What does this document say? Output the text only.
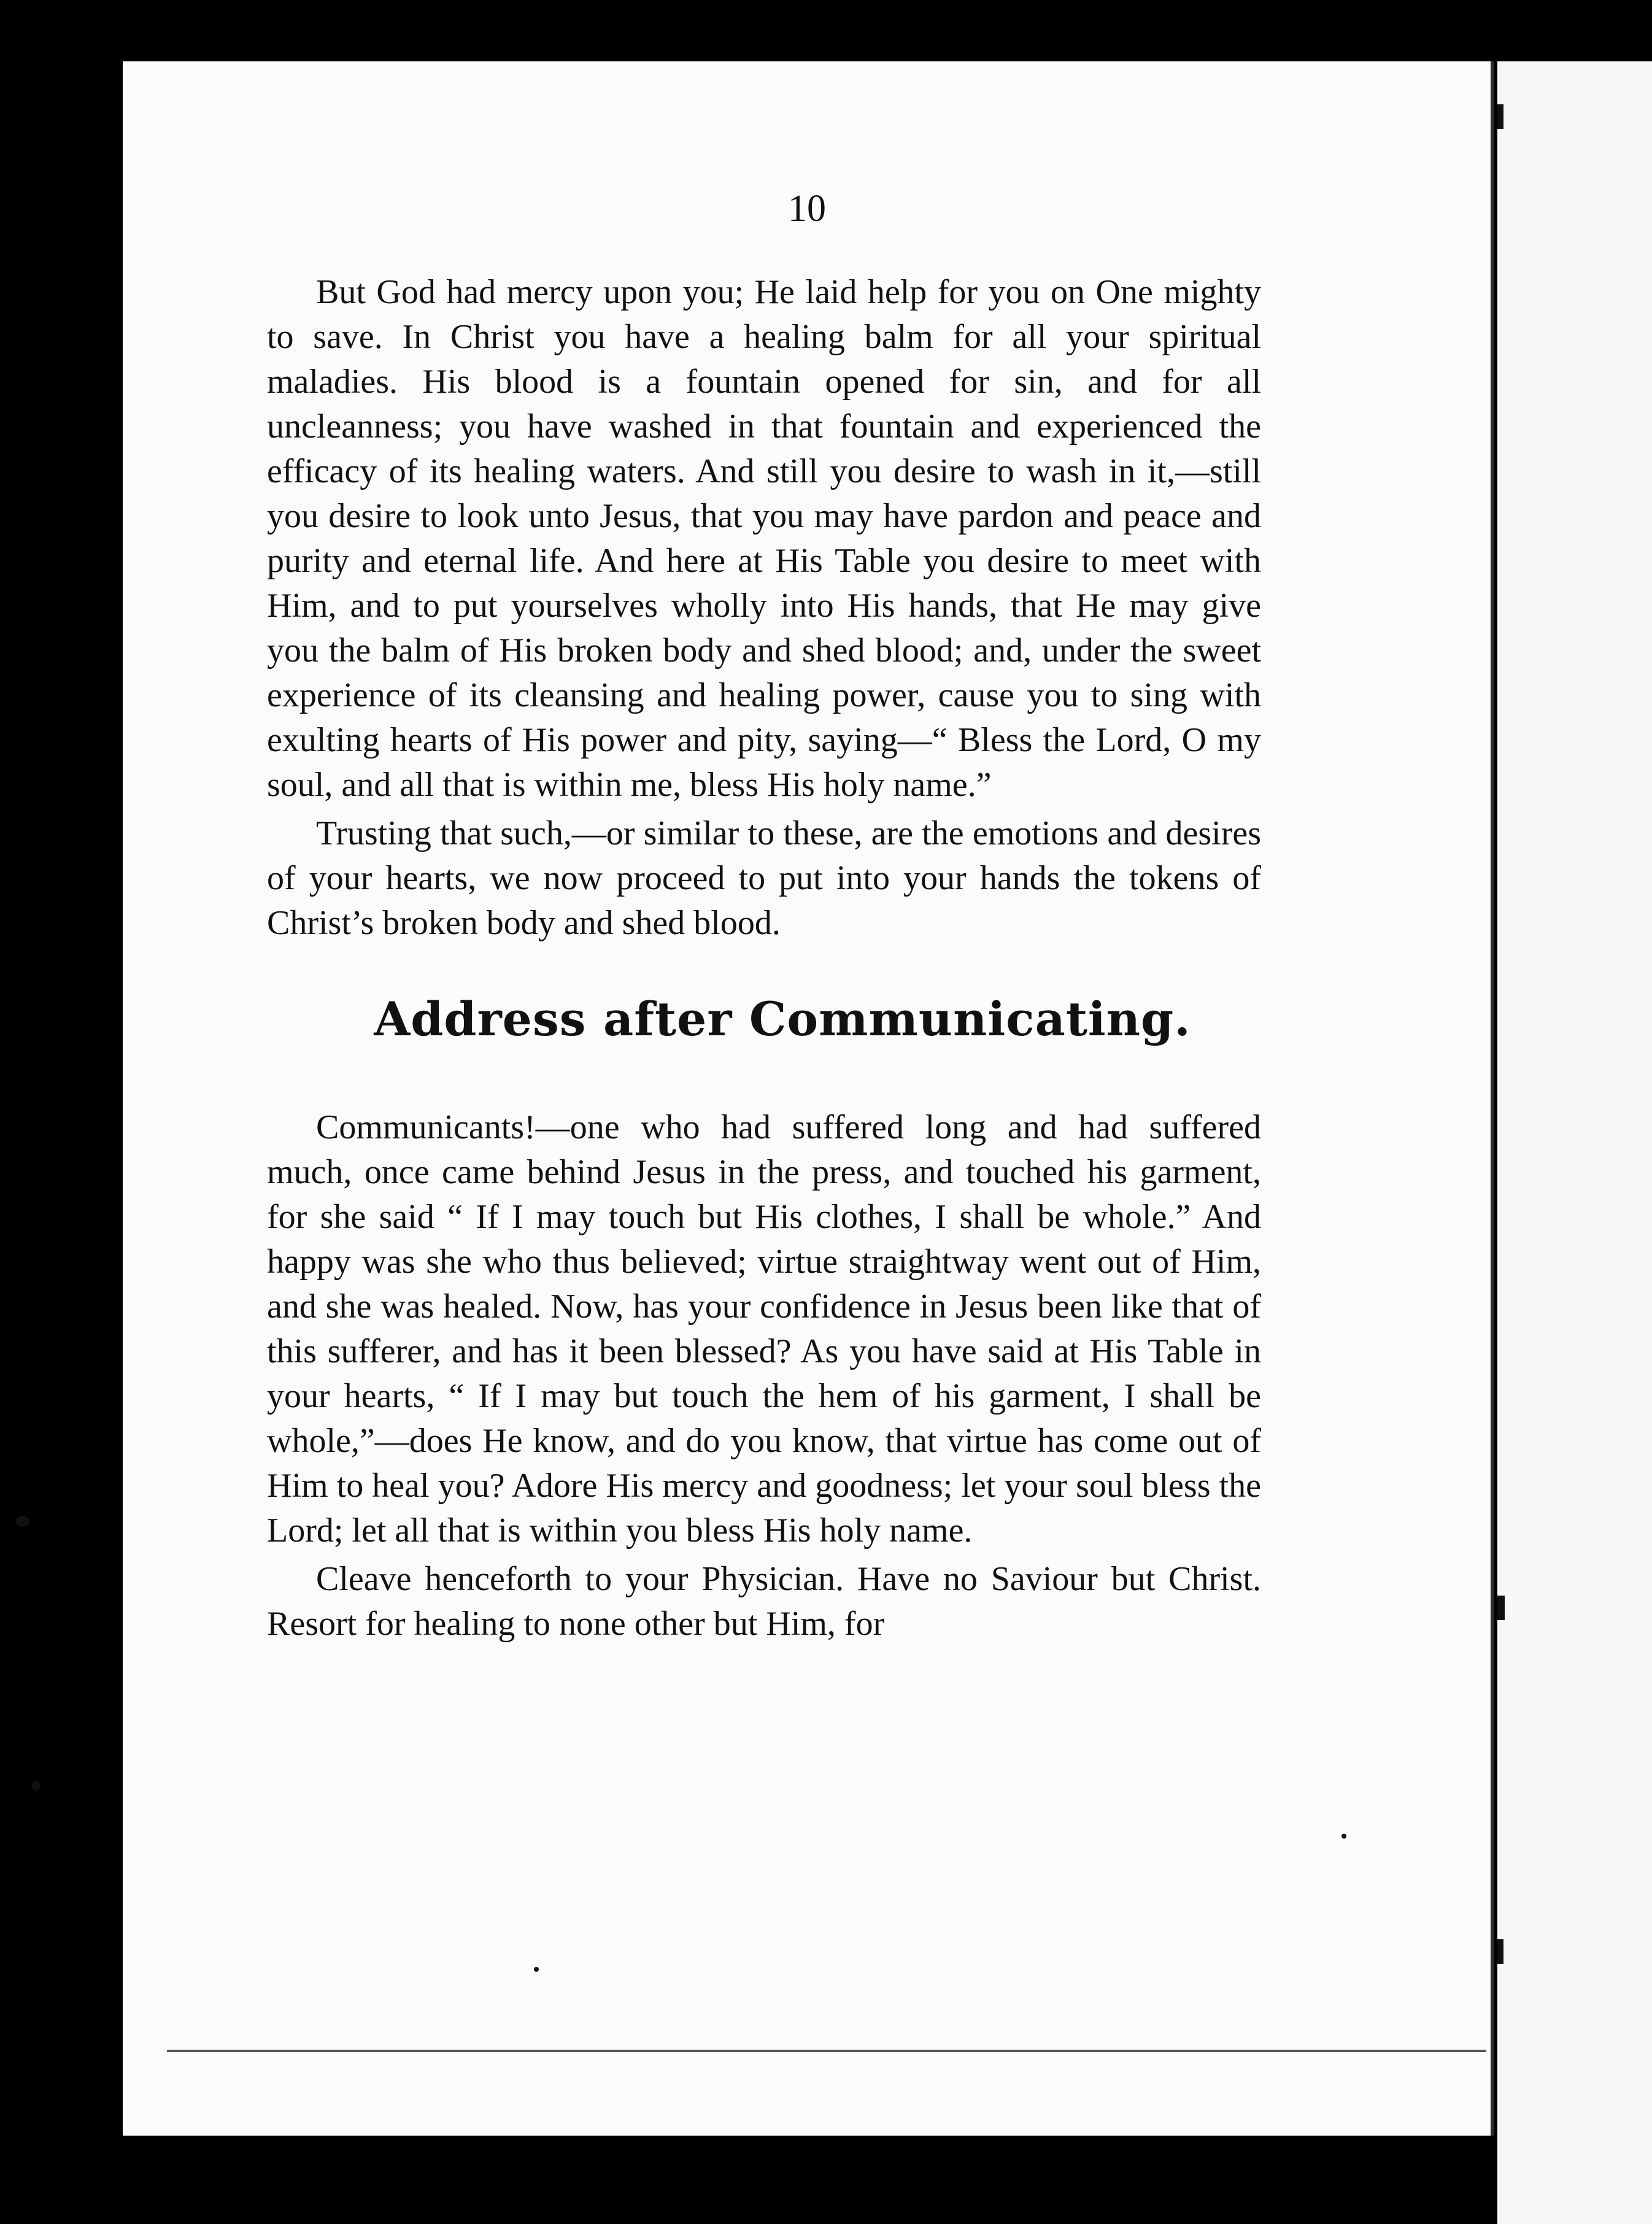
10

But God had mercy upon you; He laid help for you on One mighty to save. In Christ you have a healing balm for all your spiritual maladies. His blood is a fountain opened for sin, and for all uncleanness; you have washed in that fountain and experienced the efficacy of its healing waters. And still you desire to wash in it,—still you desire to look unto Jesus, that you may have pardon and peace and purity and eternal life. And here at His Table you desire to meet with Him, and to put yourselves wholly into His hands, that He may give you the balm of His broken body and shed blood; and, under the sweet experience of its cleansing and healing power, cause you to sing with exulting hearts of His power and pity, saying—“ Bless the Lord, O my soul, and all that is within me, bless His holy name.”

Trusting that such,—or similar to these, are the emotions and desires of your hearts, we now proceed to put into your hands the tokens of Christ’s broken body and shed blood.

Address after Communicating.

Communicants!—one who had suffered long and had suffered much, once came behind Jesus in the press, and touched his garment, for she said “ If I may touch but His clothes, I shall be whole.” And happy was she who thus believed; virtue straightway went out of Him, and she was healed. Now, has your confidence in Jesus been like that of this sufferer, and has it been blessed? As you have said at His Table in your hearts, “ If I may but touch the hem of his garment, I shall be whole,”—does He know, and do you know, that virtue has come out of Him to heal you? Adore His mercy and goodness; let your soul bless the Lord; let all that is within you bless His holy name.

Cleave henceforth to your Physician. Have no Saviour but Christ. Resort for healing to none other but Him, for
